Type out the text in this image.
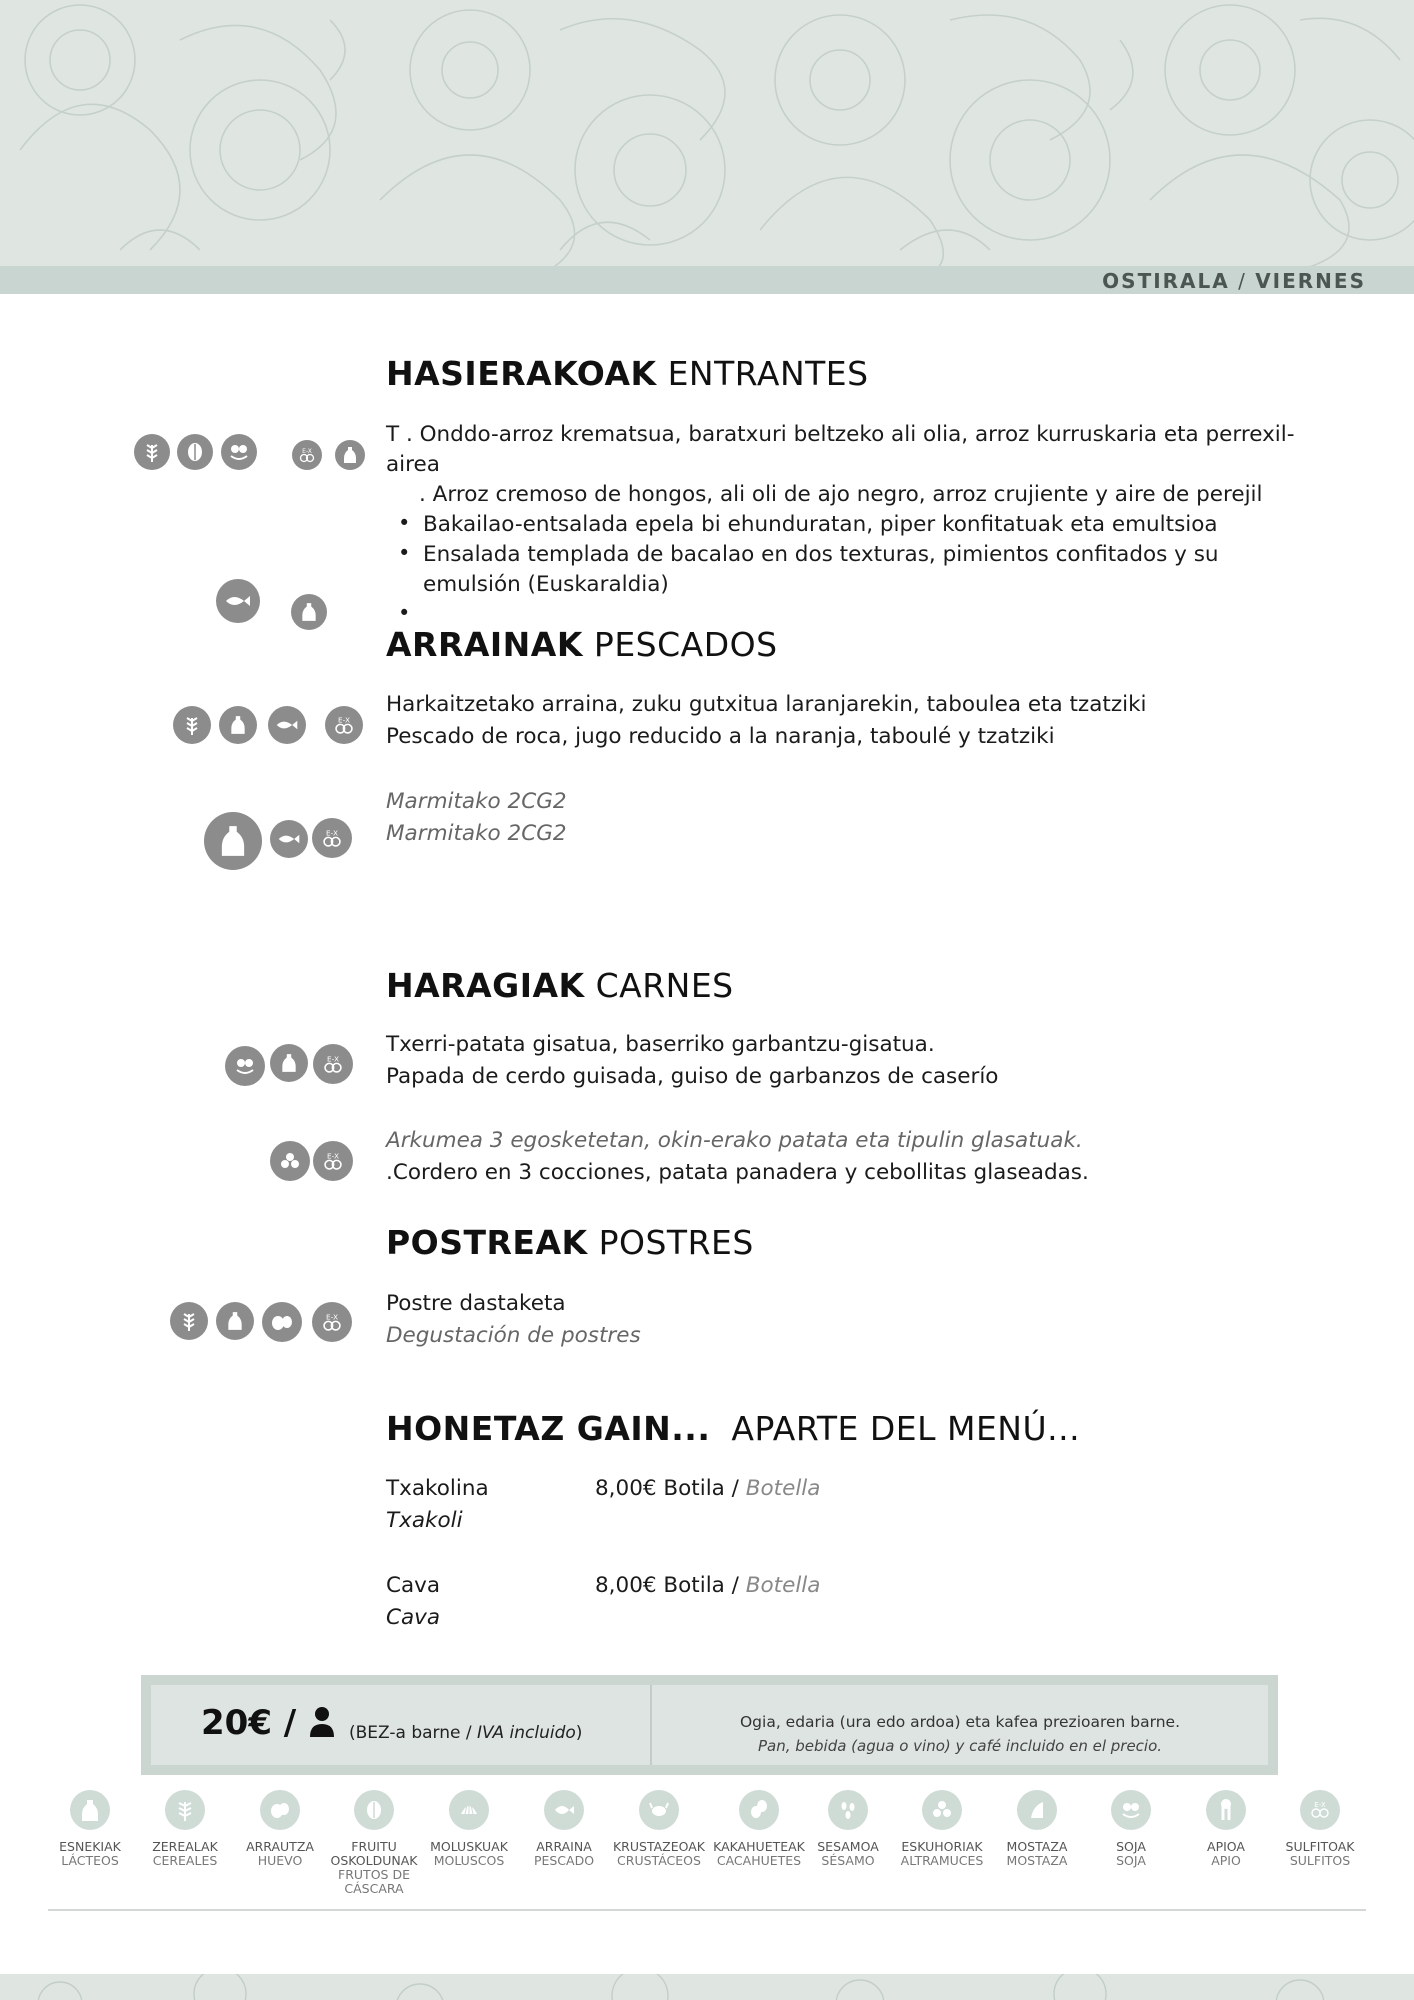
OSTIRALA / VIERNES
HASIERAKOAK ENTRANTES
T . Onddo-arroz krematsua, baratxuri beltzeko ali olia, arroz kurruskaria eta perrexil-
airea
. Arroz cremoso de hongos, ali oli de ajo negro, arroz crujiente y aire de perejil
• Bakailao-entsalada epela bi ehunduratan, piper konfitatuak eta emultsioa
• Ensalada templada de bacalao en dos texturas, pimientos confitados y su
emulsión (Euskaraldia)
•
ARRAINAK PESCADOS
Harkaitzetako arraina, zuku gutxitua laranjarekin, taboulea eta tzatziki
Pescado de roca, jugo reducido a la naranja, taboulé y tzatziki
Marmitako 2CG2
Marmitako 2CG2
HARAGIAK CARNES
Txerri-patata gisatua, baserriko garbantzu-gisatua.
Papada de cerdo guisada, guiso de garbanzos de caserío
Arkumea 3 egosketetan, okin-erako patata eta tipulin glasatuak.
.Cordero en 3 cocciones, patata panadera y cebollitas glaseadas.
POSTREAK POSTRES
Postre dastaketa
Degustación de postres
HONETAZ GAIN... APARTE DEL MENÚ...
Txakolina
Txakoli
8,00€ Botila / Botella
Cava
Cava
8,00€ Botila / Botella
E-X
E-X
E-X
E-X
E-X
E-X
20€ /	(BEZ-a barne / IVA incluido)
Ogia, edaria (ura edo ardoa) eta kafea prezioaren barne.
Pan, bebida (agua o vino) y café incluido en el precio.
ESNEKIAK
LÁCTEOS
ZEREALAK
CEREALES
ARRAUTZA
HUEVO
FRUITU OSKOLDUNAK
FRUTOS DE CÁSCARA
MOLUSKUAK
MOLUSCOS
ARRAINA
PESCADO
KRUSTAZEOAK
CRUSTÁCEOS
KAKAHUETEAK
CACAHUETES
SESAMOA
SÉSAMO
ESKUHORIAK
ALTRAMUCES
MOSTAZA
MOSTAZA
SOJA
SOJA
APIOA
APIO
E-X
SULFITOAK
SULFITOS
